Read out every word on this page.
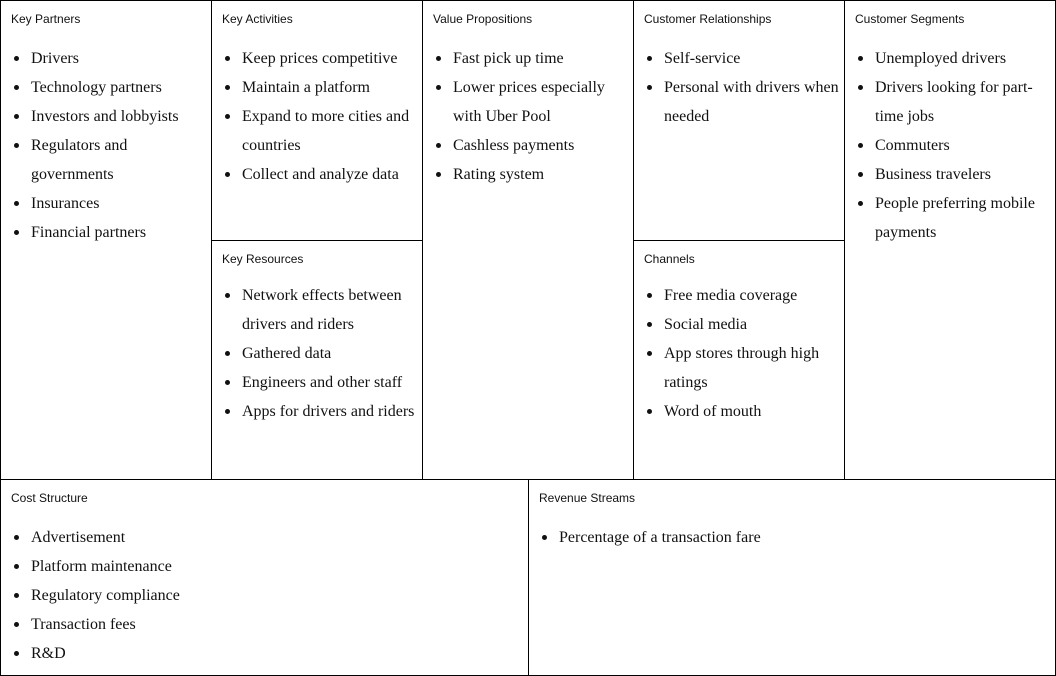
Key Partners
Drivers
Technology partners
Investors and lobbyists
Regulators and governments
Insurances
Financial partners
Key Activities
Keep prices competitive
Maintain a platform
Expand to more cities and countries
Collect and analyze data
Key Resources
Network effects between drivers and riders
Gathered data
Engineers and other staff
Apps for drivers and riders
Value Propositions
Fast pick up time
Lower prices especially with Uber Pool
Cashless payments
Rating system
Customer Relationships
Self-service
Personal with drivers when needed
Channels
Free media coverage
Social media
App stores through high ratings
Word of mouth
Customer Segments
Unemployed drivers
Drivers looking for part-time jobs
Commuters
Business travelers
People preferring mobile payments
Cost Structure
Advertisement
Platform maintenance
Regulatory compliance
Transaction fees
R&D
Revenue Streams
Percentage of a transaction fare
